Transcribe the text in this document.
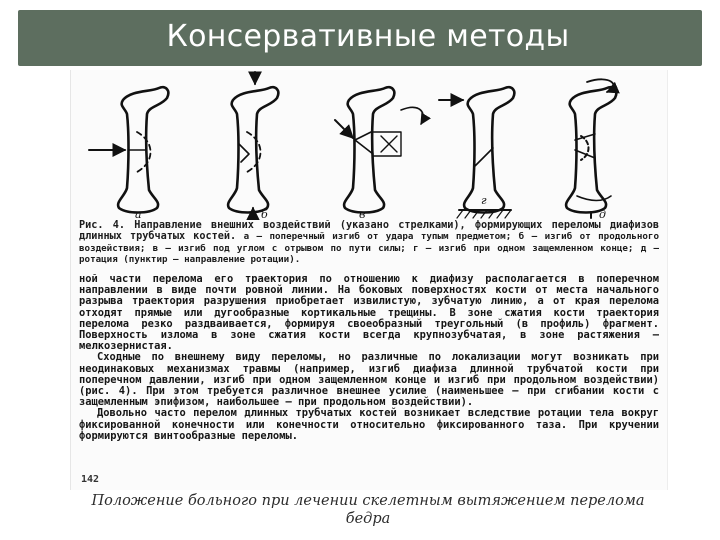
Консервативные методы
а	б	в
г
д
Рис. 4. Направление внешних воздействий (указано стрелками), формирующих переломы диафизов длинных трубчатых костей. а — поперечный изгиб от удара тупым предметом; б — изгиб от продольного воздействия; в — изгиб под углом с отрывом по пути силы; г — изгиб при одном защемленном конце; д — ротация (пунктир — направление ротации).

ной части перелома его траектория по отношению к диафизу располагается в поперечном направлении в виде почти ровной линии. На боковых поверхностях кости от места начального разрыва траектория разрушения приобретает извилистую, зубчатую линию, а от края перелома отходят прямые или дугообразные кортикальные трещины. В зоне сжатия кости траектория перелома резко раздваивается, формируя своеобразный треугольный (в профиль) фрагмент. Поверхность излома в зоне сжатия кости всегда крупнозубчатая, в зоне растяжения — мелкозернистая.

Сходные по внешнему виду переломы, но различные по локализации могут возникать при неодинаковых механизмах травмы (например, изгиб диафиза длинной трубчатой кости при поперечном давлении, изгиб при одном защемленном конце и изгиб при продольном воздействии) (рис. 4). При этом требуется различное внешнее усилие (наименьшее — при сгибании кости с защемленным эпифизом, наибольшее — при продольном воздействии).

Довольно часто перелом длинных трубчатых костей возникает вследствие ротации тела вокруг фиксированной конечности или конечности относительно фиксированного таза. При кручении формируются винтообразные переломы.

142
Положение больного при лечении скелетным вытяжением перелома бедра
